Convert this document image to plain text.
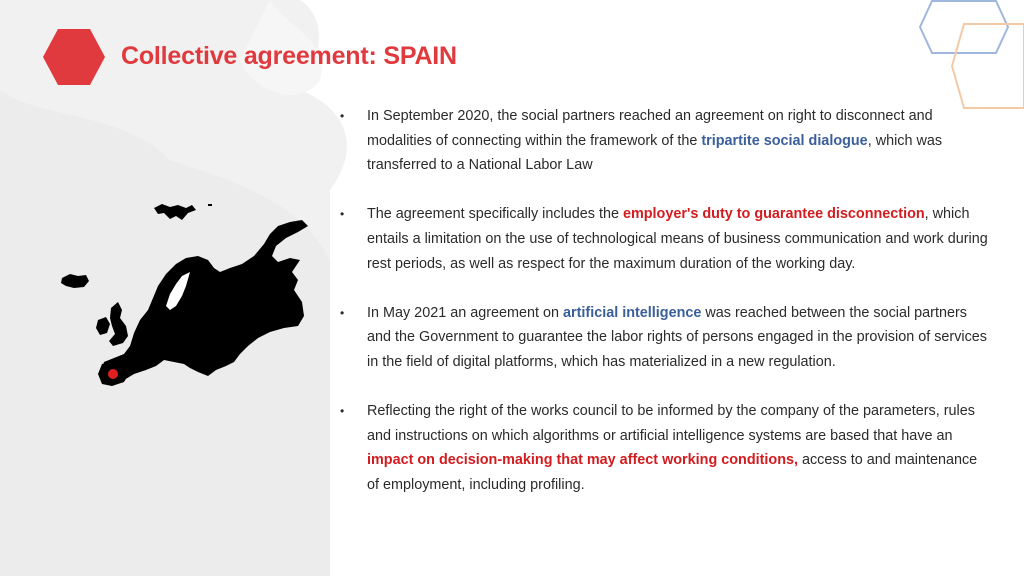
Collective agreement: SPAIN
• In September 2020, the social partners reached an agreement on right to disconnect and modalities of connecting within the framework of the tripartite social dialogue, which was transferred to a National Labor Law
• The agreement specifically includes the employer's duty to guarantee disconnection, which entails a limitation on the use of technological means of business communication and work during rest periods, as well as respect for the maximum duration of the working day.
• In May 2021 an agreement on artificial intelligence was reached between the social partners and the Government to guarantee the labor rights of persons engaged in the provision of services in the field of digital platforms, which has materialized in a new regulation.
• Reflecting the right of the works council to be informed by the company of the parameters, rules and instructions on which algorithms or artificial intelligence systems are based that have an impact on decision-making that may affect working conditions, access to and maintenance of employment, including profiling.
